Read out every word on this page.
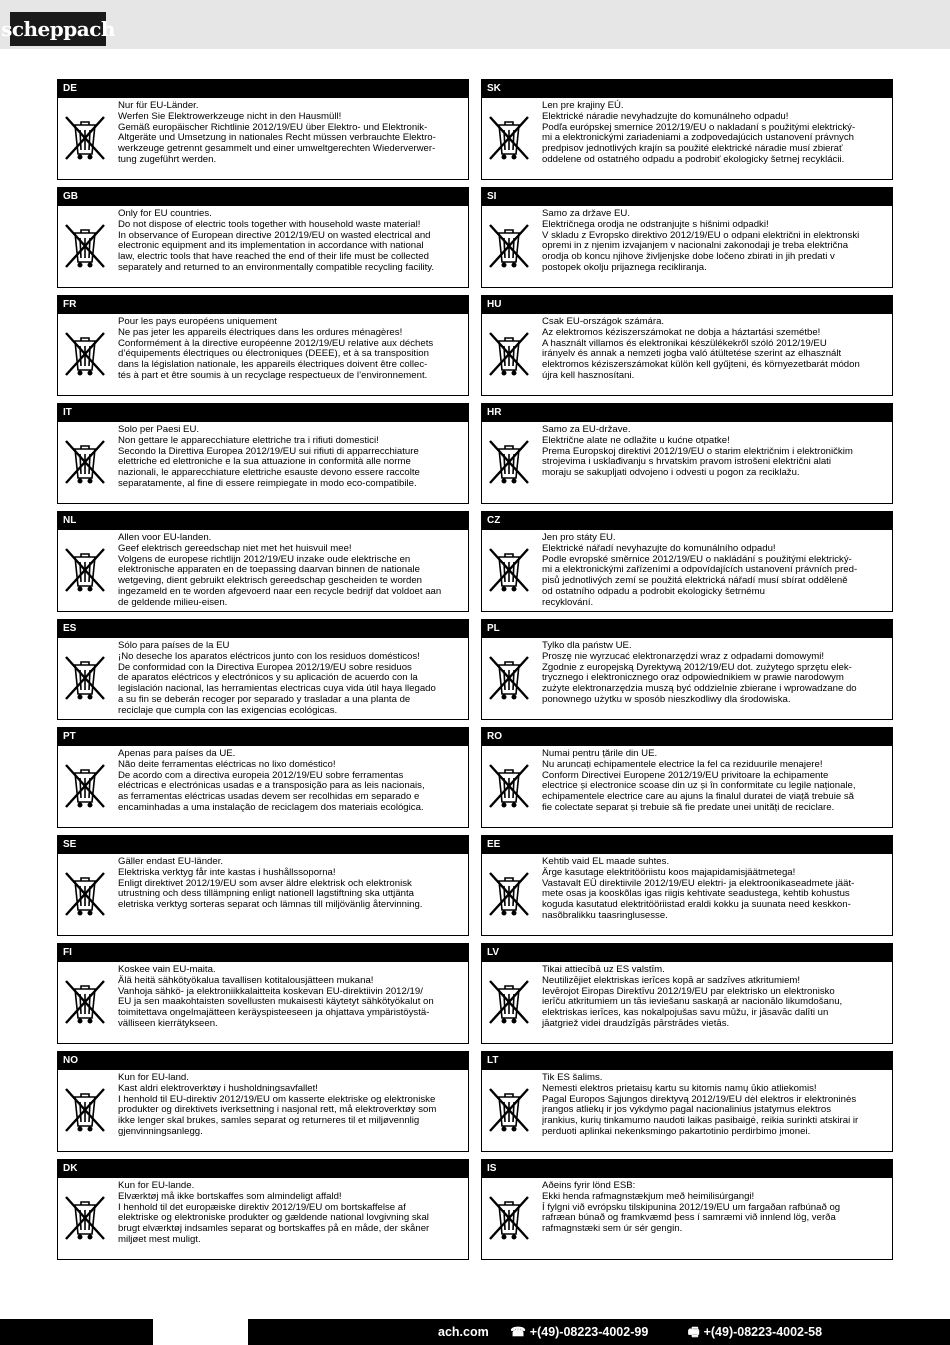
scheppach
DE
Nur für EU-Länder.
Werfen Sie Elektrowerkzeuge nicht in den Hausmüll!
Gemäß europäischer Richtlinie 2012/19/EU über Elektro- und Elektronik-
Altgeräte und Umsetzung in nationales Recht müssen verbrauchte Elektro-
werkzeuge getrennt gesammelt und einer umweltgerechten Wiederverwer-
tung zugeführt werden.
GB
Only for EU countries.
Do not dispose of electric tools together with household waste material!
In observance of European directive 2012/19/EU on wasted electrical and
electronic equipment and its implementation in accordance with national
law, electric tools that have reached the end of their life must be collected
separately and returned to an environmentally compatible recycling facility.
FR
Pour les pays européens uniquement
Ne pas jeter les appareils électriques dans les ordures ménagères!
Conformément à la directive européenne 2012/19/EU relative aux déchets
d’équipements électriques ou électroniques (DEEE), et à sa transposition
dans la législation nationale, les appareils électriques doivent être collec-
tés à part et être soumis à un recyclage respectueux de l’environnement.
IT
Solo per Paesi EU.
Non gettare le apparecchiature elettriche tra i rifiuti domestici!
Secondo la Direttiva Europea 2012/19/EU sui rifiuti di apparrecchiature
elettriche ed elettroniche e la sua attuazione in conformità alle norme
nazionali, le apparecchiature elettriche esauste devono essere raccolte
separatamente, al fine di essere reimpiegate in modo eco-compatibile.
NL
Allen voor EU-landen.
Geef elektrisch gereedschap niet met het huisvuil mee!
Volgens de europese richtlijn 2012/19/EU inzake oude elektrische en
elektronische apparaten en de toepassing daarvan binnen de nationale
wetgeving, dient gebruikt elektrisch gereedschap gescheiden te worden
ingezameld en te worden afgevoerd naar een recycle bedrijf dat voldoet aan
de geldende milieu-eisen.
ES
Sólo para países de la EU
¡No deseche los aparatos eléctricos junto con los residuos domésticos!
De conformidad con la Directiva Europea 2012/19/EU sobre residuos
de aparatos eléctricos y electrónicos y su aplicación de acuerdo con la
legislación nacional, las herramientas electricas cuya vida útil haya llegado
a su fin se deberán recoger por separado y trasladar a una planta de
reciclaje que cumpla con las exigencias ecológicas.
PT
Apenas para países da UE.
Não deite ferramentas eléctricas no lixo doméstico!
De acordo com a directiva europeia 2012/19/EU sobre ferramentas
eléctricas e electrónicas usadas e a transposição para as leis nacionais,
as ferramentas eléctricas usadas devem ser recolhidas em separado e
encaminhadas a uma instalação de reciclagem dos materiais ecológica.
SE
Gäller endast EU-länder.
Elektriska verktyg får inte kastas i hushållssoporna!
Enligt direktivet 2012/19/EU som avser äldre elektrisk och elektronisk
utrustning och dess tillämpning enligt nationell lagstiftning ska uttjänta
eletriska verktyg sorteras separat och lämnas till miljövänlig återvinning.
FI
Koskee vain EU-maita.
Älä heitä sähkötyökalua tavallisen kotitalousjätteen mukana!
Vanhoja sähkö- ja elektroniikkalaitteita koskevan EU-direktiivin 2012/19/
EU ja sen maakohtaisten sovellusten mukaisesti käytetyt sähkötyökalut on
toimitettava ongelmajätteen keräyspisteeseen ja ohjattava ympäristöystä-
välliseen kierrätykseen.
NO
Kun for EU-land.
Kast aldri elektroverktøy i husholdningsavfallet!
I henhold til EU-direktiv 2012/19/EU om kasserte elektriske og elektroniske
produkter og direktivets iverksettning i nasjonal rett, må elektroverktøy som
ikke lenger skal brukes, samles separat og returneres til et miljøvennlig
gjenvinningsanlegg.
DK
Kun for EU-lande.
Elværktøj må ikke bortskaffes som almindeligt affald!
I henhold til det europæiske direktiv 2012/19/EU om bortskaffelse af
elektriske og elektroniske produkter og gældende national lovgivning skal
brugt elværktøj indsamles separat og bortskaffes på en måde, der skåner
miljøet mest muligt.
SK
Len pre krajiny EÚ.
Elektrické náradie nevyhadzujte do komunálneho odpadu!
Podľa európskej smernice 2012/19/EU o nakladaní s použitými elektrický-
mi a elektronickými zariadeniami a zodpovedajúcich ustanovení právnych
predpisov jednotlivých krajín sa použité elektrické náradie musí zbierať
oddelene od ostatného odpadu a podrobiť ekologicky šetrnej recyklácii.
SI
Samo za države EU.
Električnega orodja ne odstranjujte s hišnimi odpadki!
V skladu z Evropsko direktivo 2012/19/EU o odpani električni in elektronski
opremi in z njenim izvajanjem v nacionalni zakonodaji je treba električna
orodja ob koncu njihove življenjske dobe ločeno zbirati in jih predati v
postopek okolju prijaznega recikliranja.
HU
Csak EU-országok számára.
Az elektromos kéziszerszámokat ne dobja a háztartási szemétbe!
A használt villamos és elektronikai készülékekről szóló 2012/19/EU
irányelv és annak a nemzeti jogba való átültetése szerint az elhasznált
elektromos kéziszerszámokat külön kell gyűjteni, és környezetbarát módon
újra kell hasznosítani.
HR
Samo za EU-države.
Električne alate ne odlažite u kućne otpatke!
Prema Europskoj direktivi 2012/19/EU o starim električnim i elektroničkim
strojevima i usklađivanju s hrvatskim pravom istrošeni električni alati
moraju se sakupljati odvojeno i odvesti u pogon za reciklažu.
CZ
Jen pro státy EU.
Elektrické nářadí nevyhazujte do komunálního odpadu!
Podle evropské směrnice 2012/19/EU o nakládání s použitými elektrický-
mi a elektronickými zařízeními a odpovídajících ustanovení právních pred-
pisů jednotlivých zemí se použitá elektrická nářadí musí sbírat odděleně
od ostatního odpadu a podrobit ekologicky šetrnému
recyklování.
PL
Tylko dla państw UE.
Proszę nie wyrzucać elektronarzędzi wraz z odpadami domowymi!
Zgodnie z europejską Dyrektywą 2012/19/EU dot. zużytego sprzętu elek-
trycznego i elektronicznego oraz odpowiednikiem w prawie narodowym
zużyte elektronarzędzia muszą być oddzielnie zbierane i wprowadzane do
ponownego użytku w sposób nieszkodliwy dla środowiska.
RO
Numai pentru țările din UE.
Nu aruncați echipamentele electrice la fel ca reziduurile menajere!
Conform Directivei Europene 2012/19/EU privitoare la echipamente
electrice și electronice scoase din uz și în conformitate cu legile naționale,
echipamentele electrice care au ajuns la finalul duratei de viață trebuie să
fie colectate separat și trebuie să fie predate unei unități de reciclare.
EE
Kehtib vaid EL maade suhtes.
Ärge kasutage elektritööriistu koos majapidamisjäätmetega!
Vastavalt EÜ direktiivile 2012/19/EU elektri- ja elektroonikaseadmete jäät-
mete osas ja kooskõlas igas riigis kehtivate seadustega, kehtib kohustus
koguda kasutatud elektritööriistad eraldi kokku ja suunata need keskkon-
nasõbralikku taasringlusesse.
LV
Tikai attiecībā uz ES valstīm.
Neutilizējiet elektriskas ierīces kopā ar sadzīves atkritumiem!
Ievērojot Eiropas Direktīvu 2012/19/EU par elektrisko un elektronisko
ierīču atkritumiem un tās ieviešanu saskaņā ar nacionālo likumdošanu,
elektriskas ierīces, kas nokalpojušas savu mūžu, ir jāsavāc dalīti un
jāatgriež videi draudzīgās pārstrādes vietās.
LT
Tik ES šalims.
Nemesti elektros prietaisų kartu su kitomis namų ūkio atliekomis!
Pagal Europos Sąjungos direktyvą 2012/19/EU dėl elektros ir elektroninės
įrangos atliekų ir jos vykdymo pagal nacionalinius įstatymus elektros
įrankius, kurių tinkamumo naudoti laikas pasibaigė, reikia surinkti atskirai ir
perduoti aplinkai nekenksmingo pakartotinio perdirbimo įmonei.
IS
Aðeins fyrir lönd ESB:
Ekki henda rafmagnstækjum með heimilisúrgangi!
Í fylgni við evrópsku tilskipunina 2012/19/EU um fargaðan rafbúnað og
rafræan búnað og framkvæmd þess í samræmi við innlend lög, verða
rafmagnstæki sem úr sér gengin.
ach.com ☎ +(49)-08223-4002-99	🖷 +(49)-08223-4002-58
